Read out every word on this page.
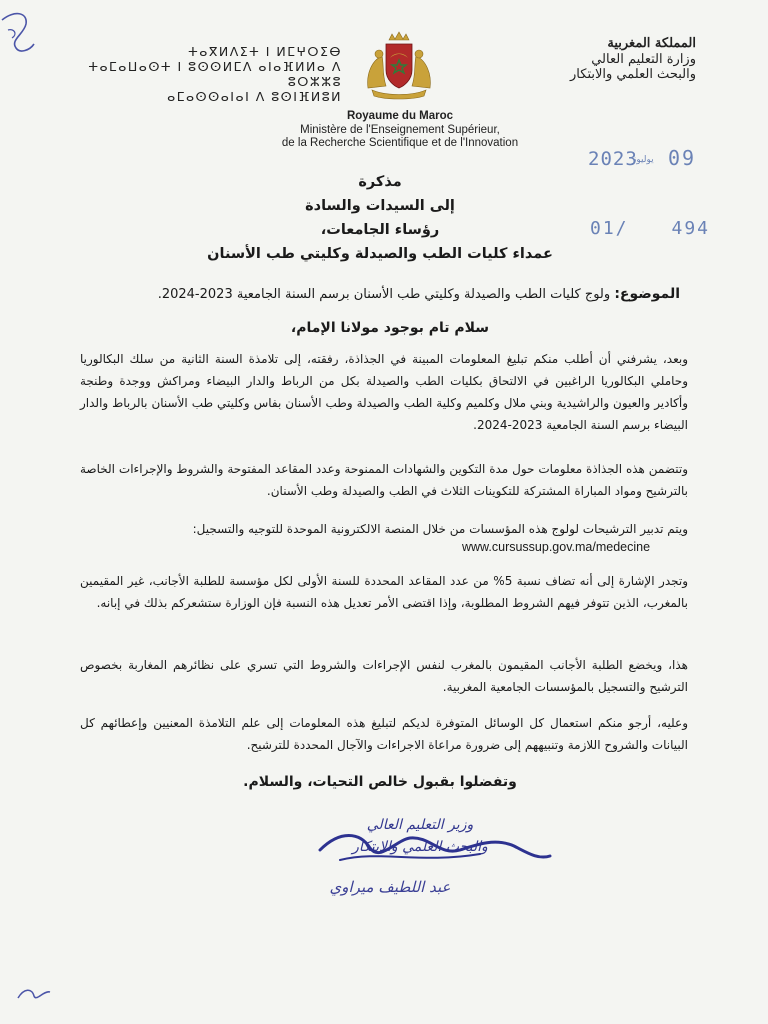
ⵜⴰⴳⵍⴷⵉⵜ ⵏ ⵍⵎⵖⵔⵉⴱ
ⵜⴰⵎⴰⵡⴰⵙⵜ ⵏ ⵓⵙⵙⵍⵎⴷ ⴰⵏⴰⴼⵍⵍⴰ ⴷ ⵓⵔⵣⵣⵓ
ⴰⵎⴰⵙⵙⴰⵏⴰⵏ ⴷ ⵓⵙⵏⴼⵍⵓⵍ
المملكة المغربية
وزارة التعليم العالي
والبحث العلمي والابتكار
Royaume du Maroc
Ministère de l'Enseignement Supérieur,
de la Recherche Scientifique et de l'Innovation
2023
يوليوز 09
01/ 494
مذكرة
إلى السيدات والسادة
رؤساء الجامعات،
عمداء كليات الطب والصيدلة وكليتي طب الأسنان
الموضوع: ولوج كليات الطب والصيدلة وكليتي طب الأسنان برسم السنة الجامعية 2023-2024.
سلام تام بوجود مولانا الإمام،
وبعد، يشرفني أن أطلب منكم تبليغ المعلومات المبينة في الجذاذة، رفقته، إلى تلامذة السنة الثانية من سلك البكالوريا وحاملي البكالوريا الراغبين في الالتحاق بكليات الطب والصيدلة بكل من الرباط والدار البيضاء ومراكش ووجدة وطنجة وأكادير والعيون والراشيدية وبني ملال وكلميم وكلية الطب والصيدلة وطب الأسنان بفاس وكليتي طب الأسنان بالرباط والدار البيضاء برسم السنة الجامعية 2023-2024.
وتتضمن هذه الجذاذة معلومات حول مدة التكوين والشهادات الممنوحة وعدد المقاعد المفتوحة والشروط والإجراءات الخاصة بالترشيح ومواد المباراة المشتركة للتكوينات الثلاث في الطب والصيدلة وطب الأسنان.
ويتم تدبير الترشيحات لولوج هذه المؤسسات من خلال المنصة الالكترونية الموحدة للتوجيه والتسجيل:
www.cursussup.gov.ma/medecine
وتجدر الإشارة إلى أنه تضاف نسبة 5% من عدد المقاعد المحددة للسنة الأولى لكل مؤسسة للطلبة الأجانب، غير المقيمين بالمغرب، الذين تتوفر فيهم الشروط المطلوبة، وإذا اقتضى الأمر تعديل هذه النسبة فإن الوزارة ستشعركم بذلك في إبانه.
هذا، ويخضع الطلبة الأجانب المقيمون بالمغرب لنفس الإجراءات والشروط التي تسري على نظائرهم المغاربة بخصوص الترشيح والتسجيل بالمؤسسات الجامعية المغربية.
وعليه، أرجو منكم استعمال كل الوسائل المتوفرة لديكم لتبليغ هذه المعلومات إلى علم التلامذة المعنيين وإعطائهم كل البيانات والشروح اللازمة وتنبيههم إلى ضرورة مراعاة الاجراءات والآجال المحددة للترشيح.
وتفضلوا بقبول خالص التحيات، والسلام.
وزير التعليم العالي
والبحث العلمي والابتكار
عبد اللطيف ميراوي
